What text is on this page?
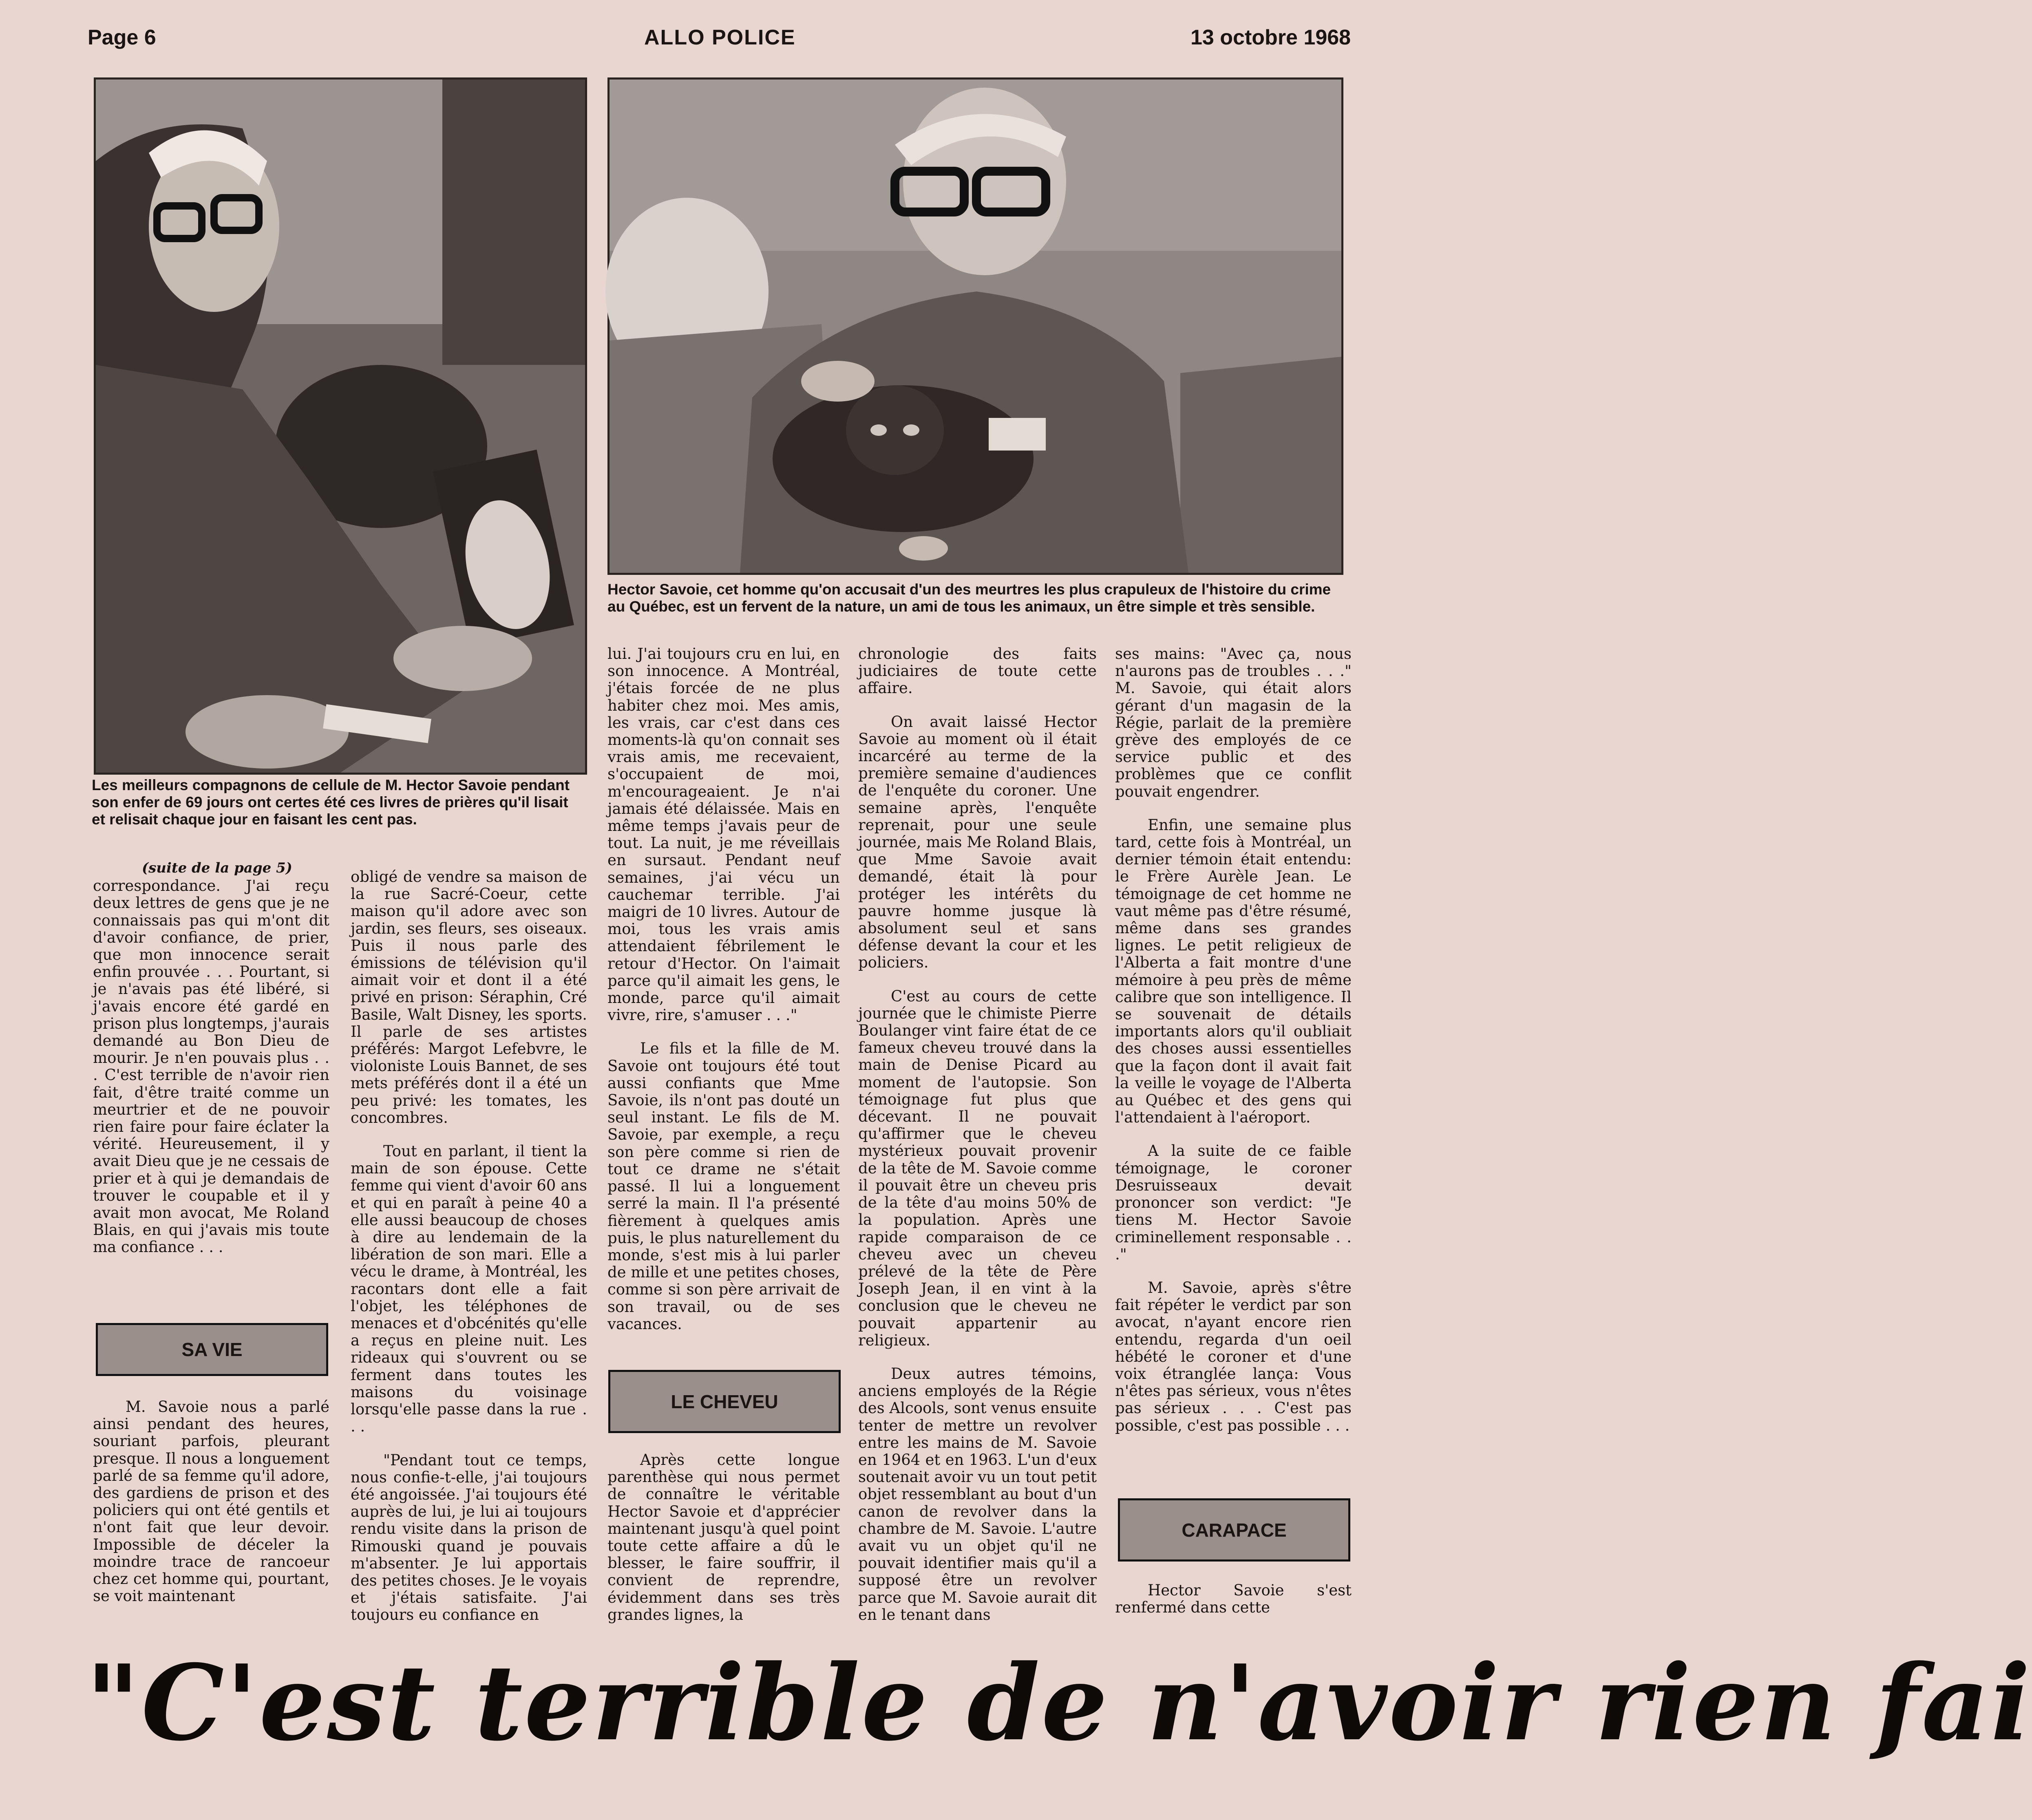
Page 6	ALLO POLICE	13 octobre 1968
Hector Savoie, cet homme qu'on accusait d'un des meurtres les plus crapuleux de l'histoire du crime au Québec, est un fervent de la nature, un ami de tous les animaux, un être simple et très sensible.
Les meilleurs compagnons de cellule de M. Hector Savoie pendant son enfer de 69 jours ont certes été ces livres de prières qu'il lisait et relisait chaque jour en faisant les cent pas.

(suite de la page 5)

correspondance. J'ai reçu deux lettres de gens que je ne connaissais pas qui m'ont dit d'avoir confiance, de prier, que mon innocence serait enfin prouvée . . . Pourtant, si je n'avais pas été libéré, si j'avais encore été gardé en prison plus longtemps, j'aurais demandé au Bon Dieu de mourir. Je n'en pouvais plus . . . C'est terrible de n'avoir rien fait, d'être traité comme un meurtrier et de ne pouvoir rien faire pour faire éclater la vérité. Heureusement, il y avait Dieu que je ne cessais de prier et à qui je demandais de trouver le coupable et il y avait mon avocat, Me Roland Blais, en qui j'avais mis toute ma confiance . . .

SA VIE

M. Savoie nous a parlé ainsi pendant des heures, souriant parfois, pleurant presque. Il nous a longuement parlé de sa femme qu'il adore, des gardiens de prison et des policiers qui ont été gentils et n'ont fait que leur devoir. Impossible de déceler la moindre trace de rancoeur chez cet homme qui, pourtant, se voit maintenant

obligé de vendre sa maison de la rue Sacré-Coeur, cette maison qu'il adore avec son jardin, ses fleurs, ses oiseaux. Puis il nous parle des émissions de télévision qu'il aimait voir et dont il a été privé en prison: Séraphin, Cré Basile, Walt Disney, les sports. Il parle de ses artistes préférés: Margot Lefebvre, le violoniste Louis Bannet, de ses mets préférés dont il a été un peu privé: les tomates, les concombres.

Tout en parlant, il tient la main de son épouse. Cette femme qui vient d'avoir 60 ans et qui en paraît à peine 40 a elle aussi beaucoup de choses à dire au lendemain de la libération de son mari. Elle a vécu le drame, à Montréal, les racontars dont elle a fait l'objet, les téléphones de menaces et d'obcénités qu'elle a reçus en pleine nuit. Les rideaux qui s'ouvrent ou se ferment dans toutes les maisons du voisinage lorsqu'elle passe dans la rue . . .

"Pendant tout ce temps, nous confie-t-elle, j'ai toujours été angoissée. J'ai toujours été auprès de lui, je lui ai toujours rendu visite dans la prison de Rimouski quand je pouvais m'absenter. Je lui apportais des petites choses. Je le voyais et j'étais satisfaite. J'ai toujours eu confiance en

lui. J'ai toujours cru en lui, en son innocence. A Montréal, j'étais forcée de ne plus habiter chez moi. Mes amis, les vrais, car c'est dans ces moments-là qu'on connait ses vrais amis, me recevaient, s'occupaient de moi, m'encourageaient. Je n'ai jamais été délaissée. Mais en même temps j'avais peur de tout. La nuit, je me réveillais en sursaut. Pendant neuf semaines, j'ai vécu un cauchemar terrible. J'ai maigri de 10 livres. Autour de moi, tous les vrais amis attendaient fébrilement le retour d'Hector. On l'aimait parce qu'il aimait les gens, le monde, parce qu'il aimait vivre, rire, s'amuser . . ."

Le fils et la fille de M. Savoie ont toujours été tout aussi confiants que Mme Savoie, ils n'ont pas douté un seul instant. Le fils de M. Savoie, par exemple, a reçu son père comme si rien de tout ce drame ne s'était passé. Il lui a longuement serré la main. Il l'a présenté fièrement à quelques amis puis, le plus naturellement du monde, s'est mis à lui parler de mille et une petites choses, comme si son père arrivait de son travail, ou de ses vacances.

LE CHEVEU

Après cette longue parenthèse qui nous permet de connaître le véritable Hector Savoie et d'apprécier maintenant jusqu'à quel point toute cette affaire a dû le blesser, le faire souffrir, il convient de reprendre, évidemment dans ses très grandes lignes, la

chronologie des faits judiciaires de toute cette affaire.

On avait laissé Hector Savoie au moment où il était incarcéré au terme de la première semaine d'audiences de l'enquête du coroner. Une semaine après, l'enquête reprenait, pour une seule journée, mais Me Roland Blais, que Mme Savoie avait demandé, était là pour protéger les intérêts du pauvre homme jusque là absolument seul et sans défense devant la cour et les policiers.

C'est au cours de cette journée que le chimiste Pierre Boulanger vint faire état de ce fameux cheveu trouvé dans la main de Denise Picard au moment de l'autopsie. Son témoignage fut plus que décevant. Il ne pouvait qu'affirmer que le cheveu mystérieux pouvait provenir de la tête de M. Savoie comme il pouvait être un cheveu pris de la tête d'au moins 50% de la population. Après une rapide comparaison de ce cheveu avec un cheveu prélevé de la tête de Père Joseph Jean, il en vint à la conclusion que le cheveu ne pouvait appartenir au religieux.

Deux autres témoins, anciens employés de la Régie des Alcools, sont venus ensuite tenter de mettre un revolver entre les mains de M. Savoie en 1964 et en 1963. L'un d'eux soutenait avoir vu un tout petit objet ressemblant au bout d'un canon de revolver dans la chambre de M. Savoie. L'autre avait vu un objet qu'il ne pouvait identifier mais qu'il a supposé être un revolver parce que M. Savoie aurait dit en le tenant dans

ses mains: "Avec ça, nous n'aurons pas de troubles . . ." M. Savoie, qui était alors gérant d'un magasin de la Régie, parlait de la première grève des employés de ce service public et des problèmes que ce conflit pouvait engendrer.

Enfin, une semaine plus tard, cette fois à Montréal, un dernier témoin était entendu: le Frère Aurèle Jean. Le témoignage de cet homme ne vaut même pas d'être résumé, même dans ses grandes lignes. Le petit religieux de l'Alberta a fait montre d'une mémoire à peu près de même calibre que son intelligence. Il se souvenait de détails importants alors qu'il oubliait des choses aussi essentielles que la façon dont il avait fait la veille le voyage de l'Alberta au Québec et des gens qui l'attendaient à l'aéroport.

A la suite de ce faible témoignage, le coroner Desruisseaux devait prononcer son verdict: "Je tiens M. Hector Savoie criminellement responsable . . ."

M. Savoie, après s'être fait répéter le verdict par son avocat, n'ayant encore rien entendu, regarda d'un oeil hébété le coroner et d'une voix étranglée lança: Vous n'êtes pas sérieux, vous n'êtes pas sérieux . . . C'est pas possible, c'est pas possible . . .

CARAPACE

Hector Savoie s'est renfermé dans cette

"C'est terrible de n'avoir rien fai
